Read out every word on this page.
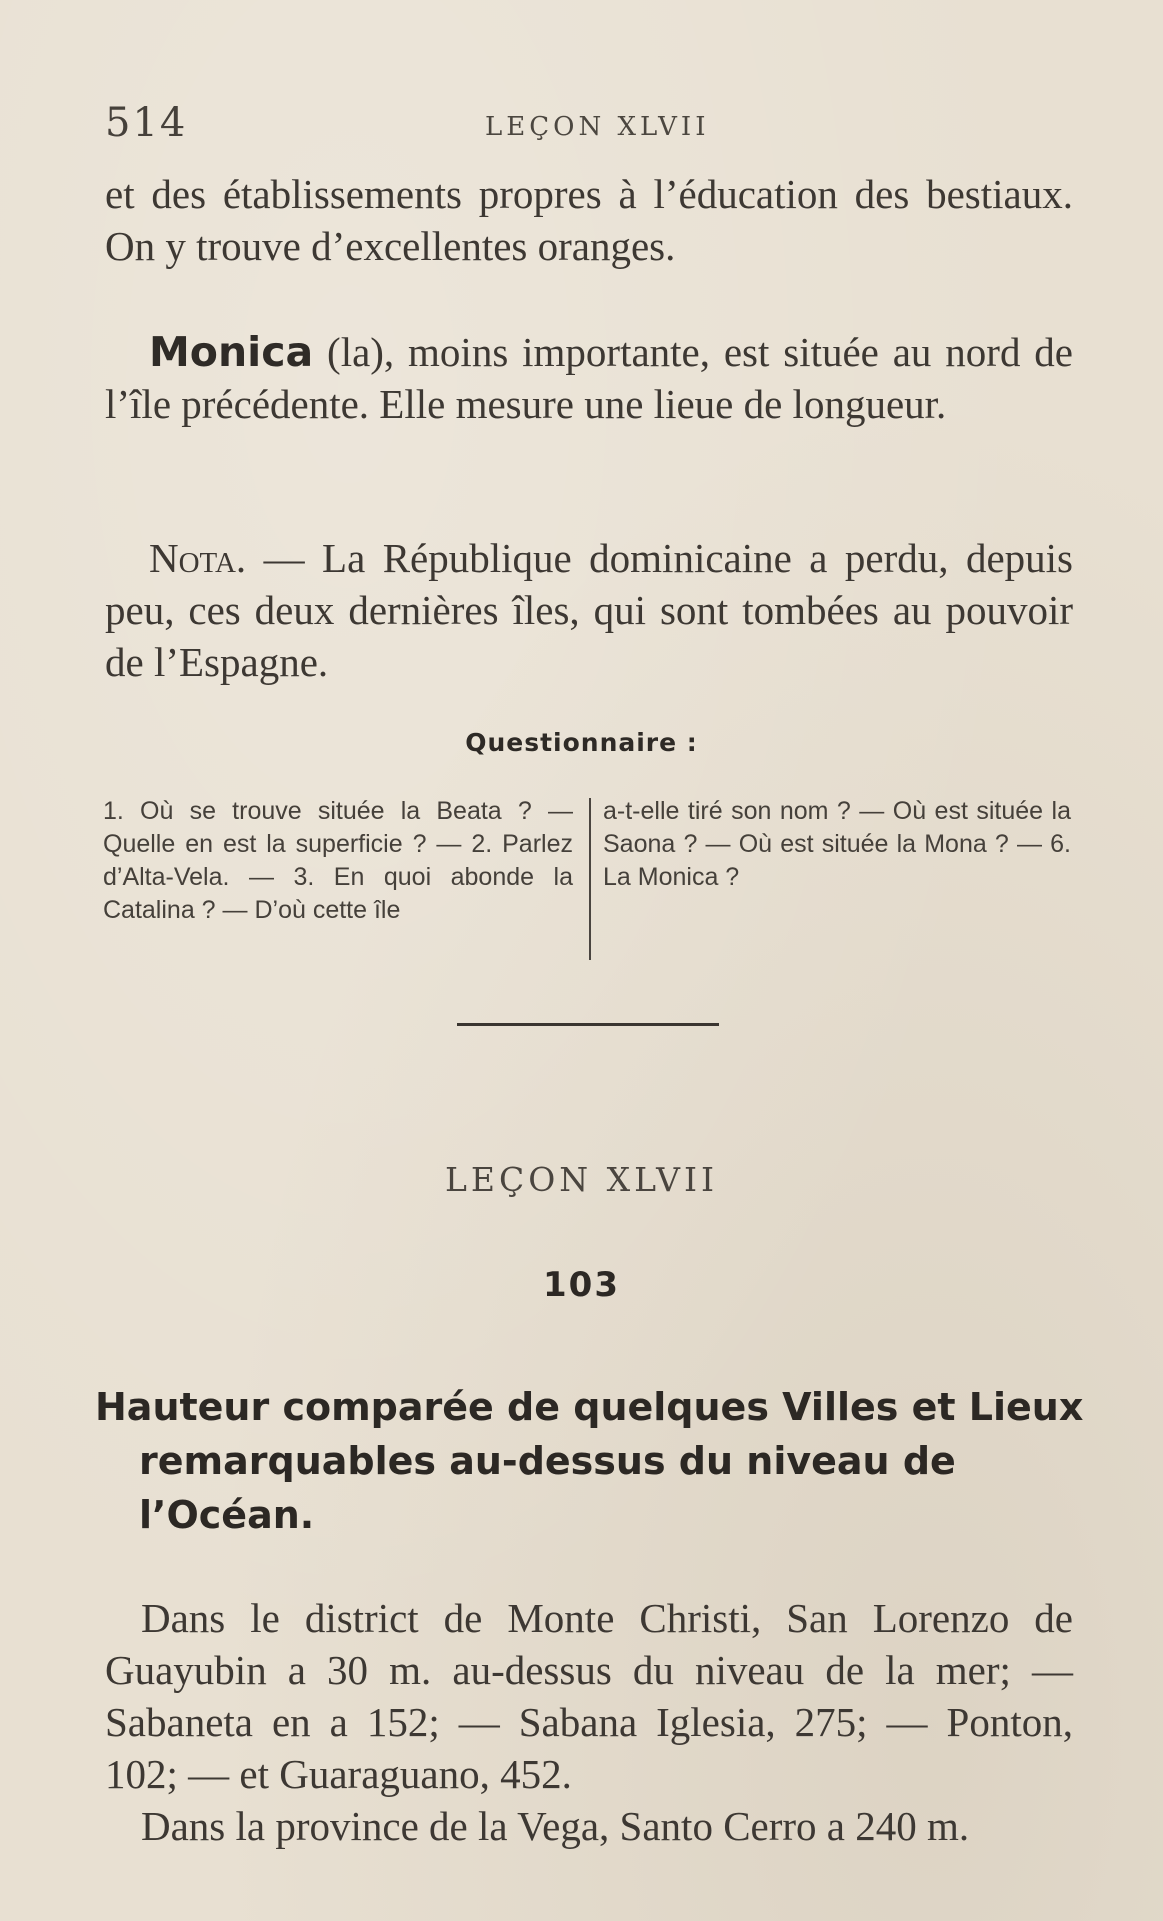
514	LEÇON XLVII

et des établissements propres à l’éducation des bestiaux. On y trouve d’excellentes oranges.

Monica (la), moins importante, est située au nord de l’île précédente. Elle mesure une lieue de longueur.

Nota. — La République dominicaine a perdu, depuis peu, ces deux dernières îles, qui sont tombées au pouvoir de l’Espagne.

Questionnaire :
1. Où se trouve située la Beata ? — Quelle en est la superficie ? — 2. Parlez d’Alta-Vela. — 3. En quoi abonde la Catalina ? — D’où cette île
a-t-elle tiré son nom ? — Où est située la Saona ? — Où est située la Mona ? — 6. La Monica ?
LEÇON XLVII
103
Hauteur comparée de quelques Villes et Lieux remarquables au-dessus du niveau de l’Océan.

Dans le district de Monte Christi, San Lorenzo de Guayubin a 30 m. au-dessus du niveau de la mer; — Sabaneta en a 152; — Sabana Iglesia, 275; — Ponton, 102; — et Guaraguano, 452.

Dans la province de la Vega, Santo Cerro a 240 m.
